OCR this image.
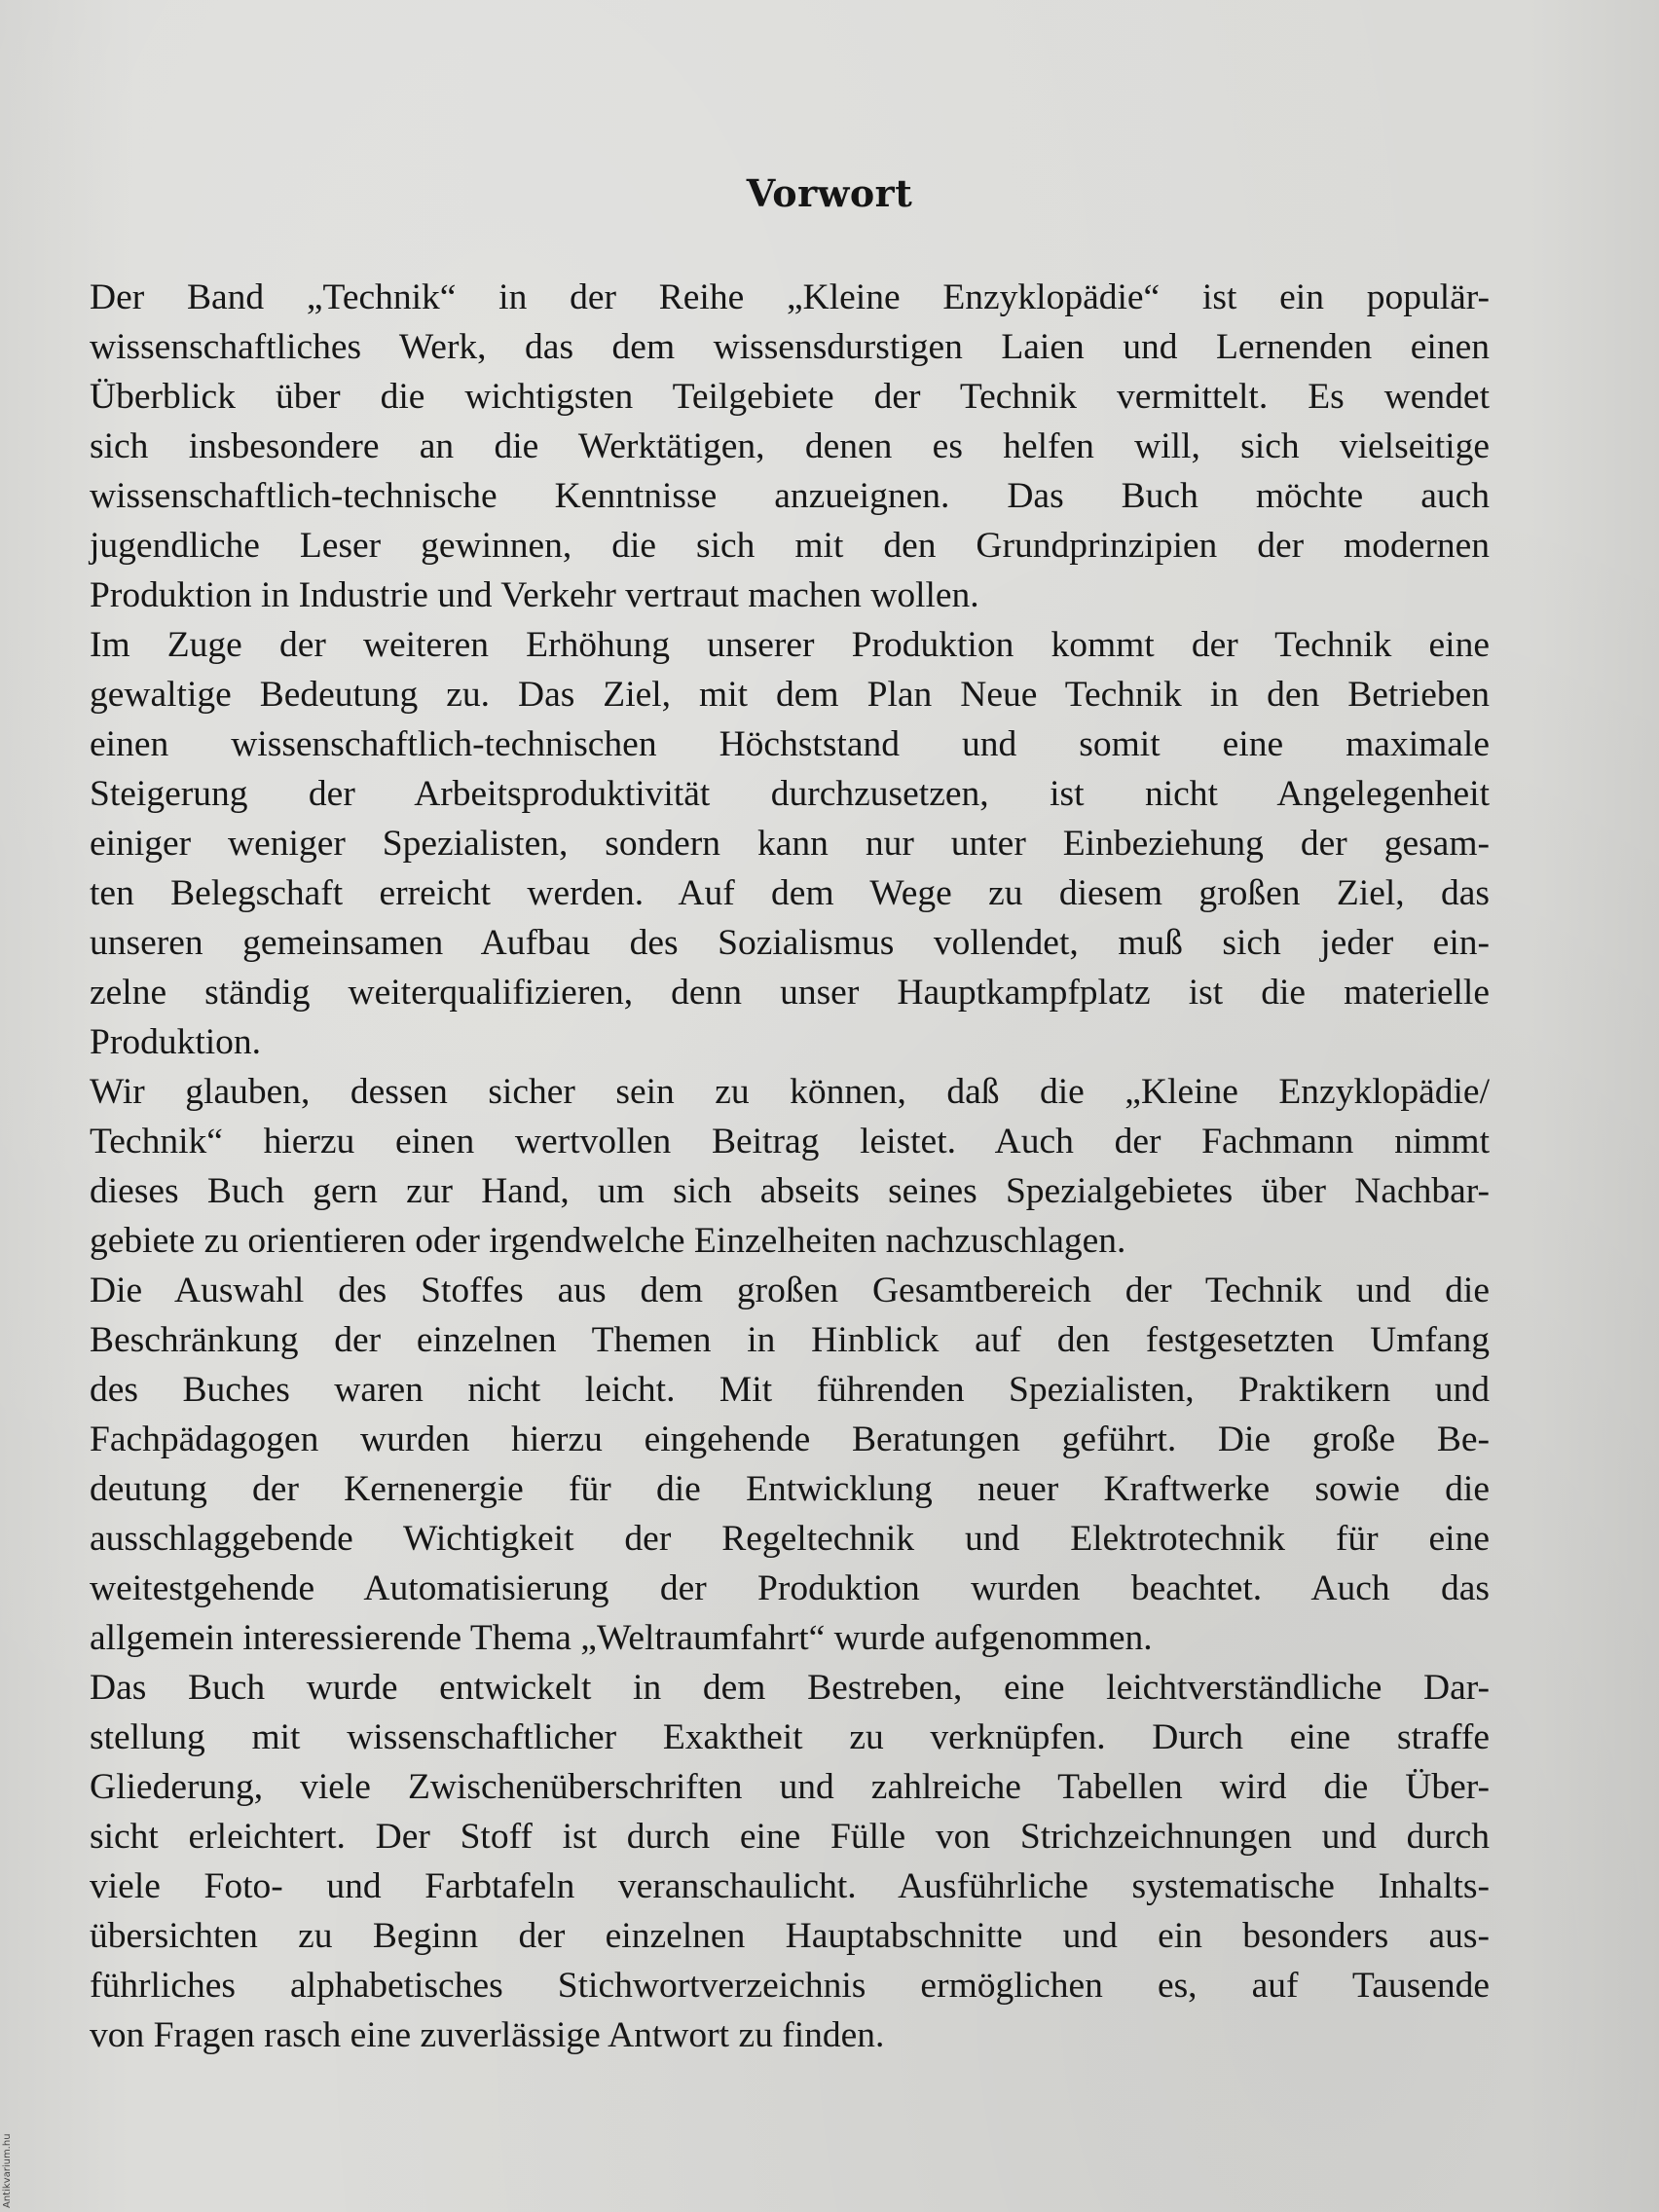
Vorwort
Der Band „Technik“ in der Reihe „Kleine Enzyklopädie“ ist ein populär-
wissenschaftliches Werk, das dem wissensdurstigen Laien und Lernenden einen
Überblick über die wichtigsten Teilgebiete der Technik vermittelt. Es wendet
sich insbesondere an die Werktätigen, denen es helfen will, sich vielseitige
wissenschaftlich-technische Kenntnisse anzueignen. Das Buch möchte auch
jugendliche Leser gewinnen, die sich mit den Grundprinzipien der modernen
Produktion in Industrie und Verkehr vertraut machen wollen.
Im Zuge der weiteren Erhöhung unserer Produktion kommt der Technik eine
gewaltige Bedeutung zu. Das Ziel, mit dem Plan Neue Technik in den Betrieben
einen wissenschaftlich-technischen Höchststand und somit eine maximale
Steigerung der Arbeitsproduktivität durchzusetzen, ist nicht Angelegenheit
einiger weniger Spezialisten, sondern kann nur unter Einbeziehung der gesam-
ten Belegschaft erreicht werden. Auf dem Wege zu diesem großen Ziel, das
unseren gemeinsamen Aufbau des Sozialismus vollendet, muß sich jeder ein-
zelne ständig weiterqualifizieren, denn unser Hauptkampfplatz ist die materielle
Produktion.
Wir glauben, dessen sicher sein zu können, daß die „Kleine Enzyklopädie/
Technik“ hierzu einen wertvollen Beitrag leistet. Auch der Fachmann nimmt
dieses Buch gern zur Hand, um sich abseits seines Spezialgebietes über Nachbar-
gebiete zu orientieren oder irgendwelche Einzelheiten nachzuschlagen.
Die Auswahl des Stoffes aus dem großen Gesamtbereich der Technik und die
Beschränkung der einzelnen Themen in Hinblick auf den festgesetzten Umfang
des Buches waren nicht leicht. Mit führenden Spezialisten, Praktikern und
Fachpädagogen wurden hierzu eingehende Beratungen geführt. Die große Be-
deutung der Kernenergie für die Entwicklung neuer Kraftwerke sowie die
ausschlaggebende Wichtigkeit der Regeltechnik und Elektrotechnik für eine
weitestgehende Automatisierung der Produktion wurden beachtet. Auch das
allgemein interessierende Thema „Weltraumfahrt“ wurde aufgenommen.
Das Buch wurde entwickelt in dem Bestreben, eine leichtverständliche Dar-
stellung mit wissenschaftlicher Exaktheit zu verknüpfen. Durch eine straffe
Gliederung, viele Zwischenüberschriften und zahlreiche Tabellen wird die Über-
sicht erleichtert. Der Stoff ist durch eine Fülle von Strichzeichnungen und durch
viele Foto- und Farbtafeln veranschaulicht. Ausführliche systematische Inhalts-
übersichten zu Beginn der einzelnen Hauptabschnitte und ein besonders aus-
führliches alphabetisches Stichwortverzeichnis ermöglichen es, auf Tausende
von Fragen rasch eine zuverlässige Antwort zu finden.
Antikvarium.hu
